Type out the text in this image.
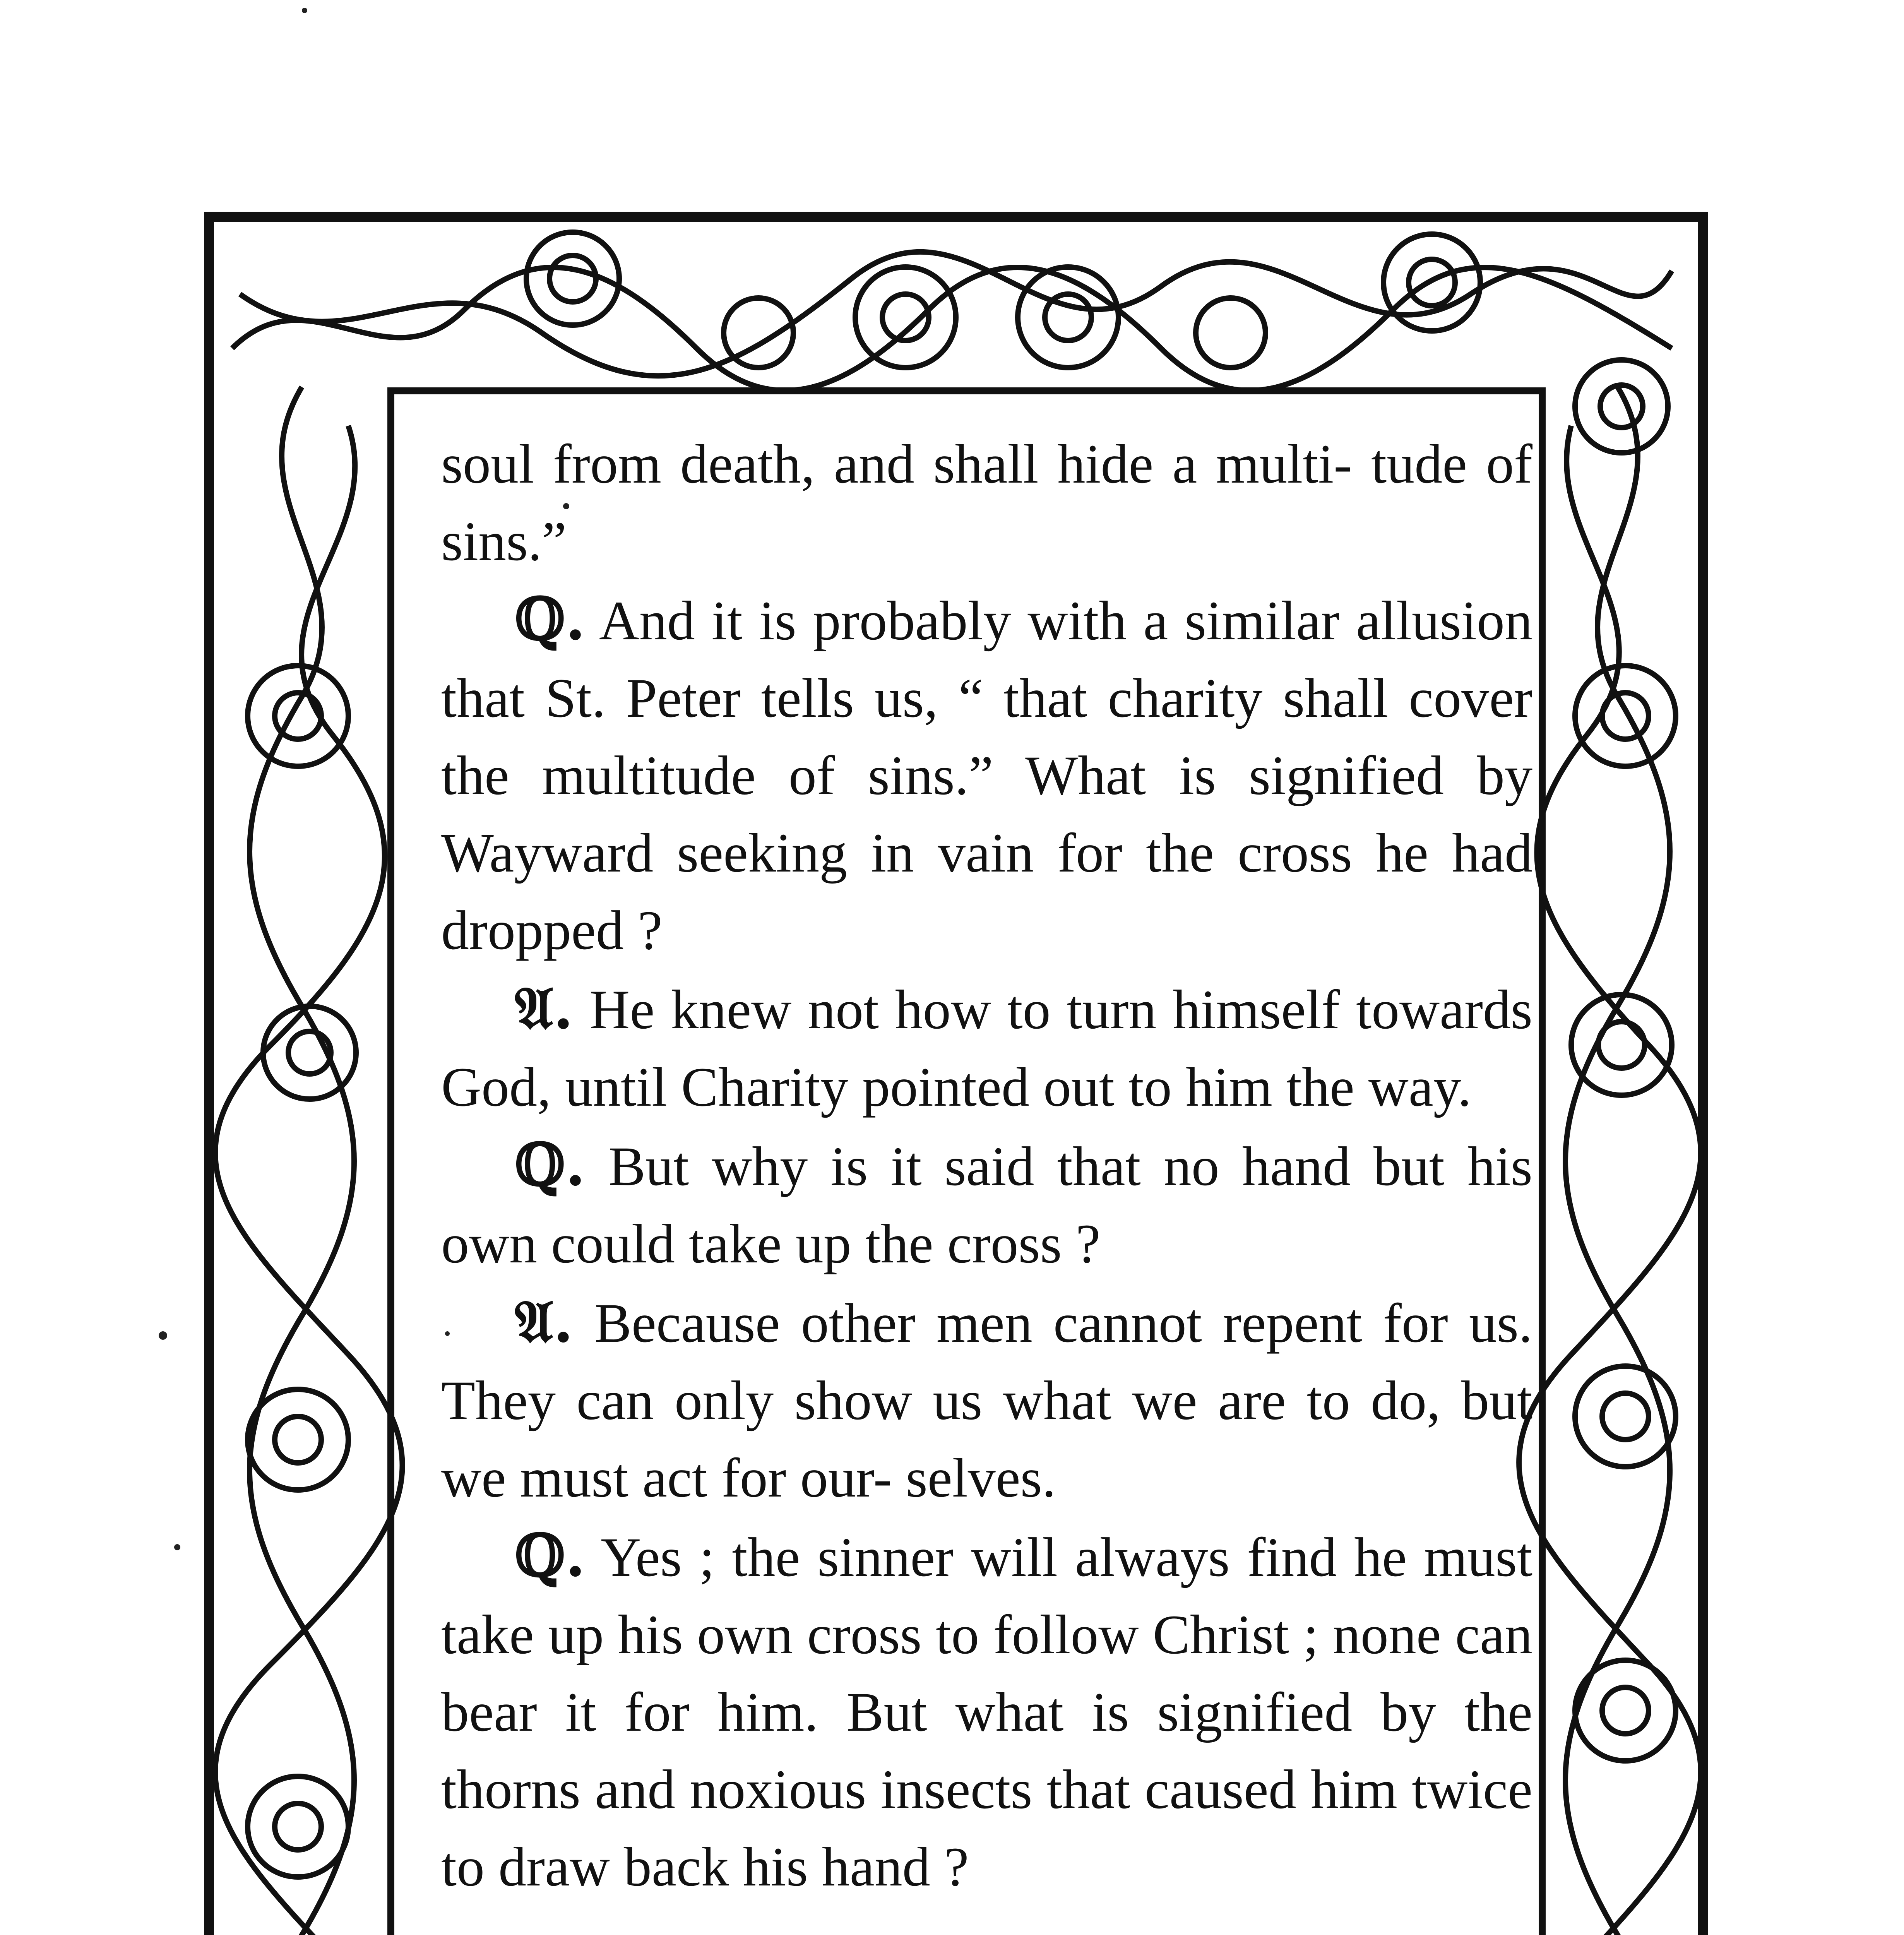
soul from death, and shall hide a multi- tude of sins.”

ℚ. And it is probably with a similar allusion that St. Peter tells us, “ that charity shall cover the multitude of sins.” What is signified by Wayward seeking in vain for the cross he had dropped ?

𝔄. He knew not how to turn himself towards God, until Charity pointed out to him the way.

ℚ. But why is it said that no hand but his own could take up the cross ?

𝔄. Because other men cannot repent for us. They can only show us what we are to do, but we must act for our- selves.

ℚ. Yes ; the sinner will always find he must take up his own cross to follow Christ ; none can bear it for him. But what is signified by the thorns and noxious insects that caused him twice to draw back his hand ?
